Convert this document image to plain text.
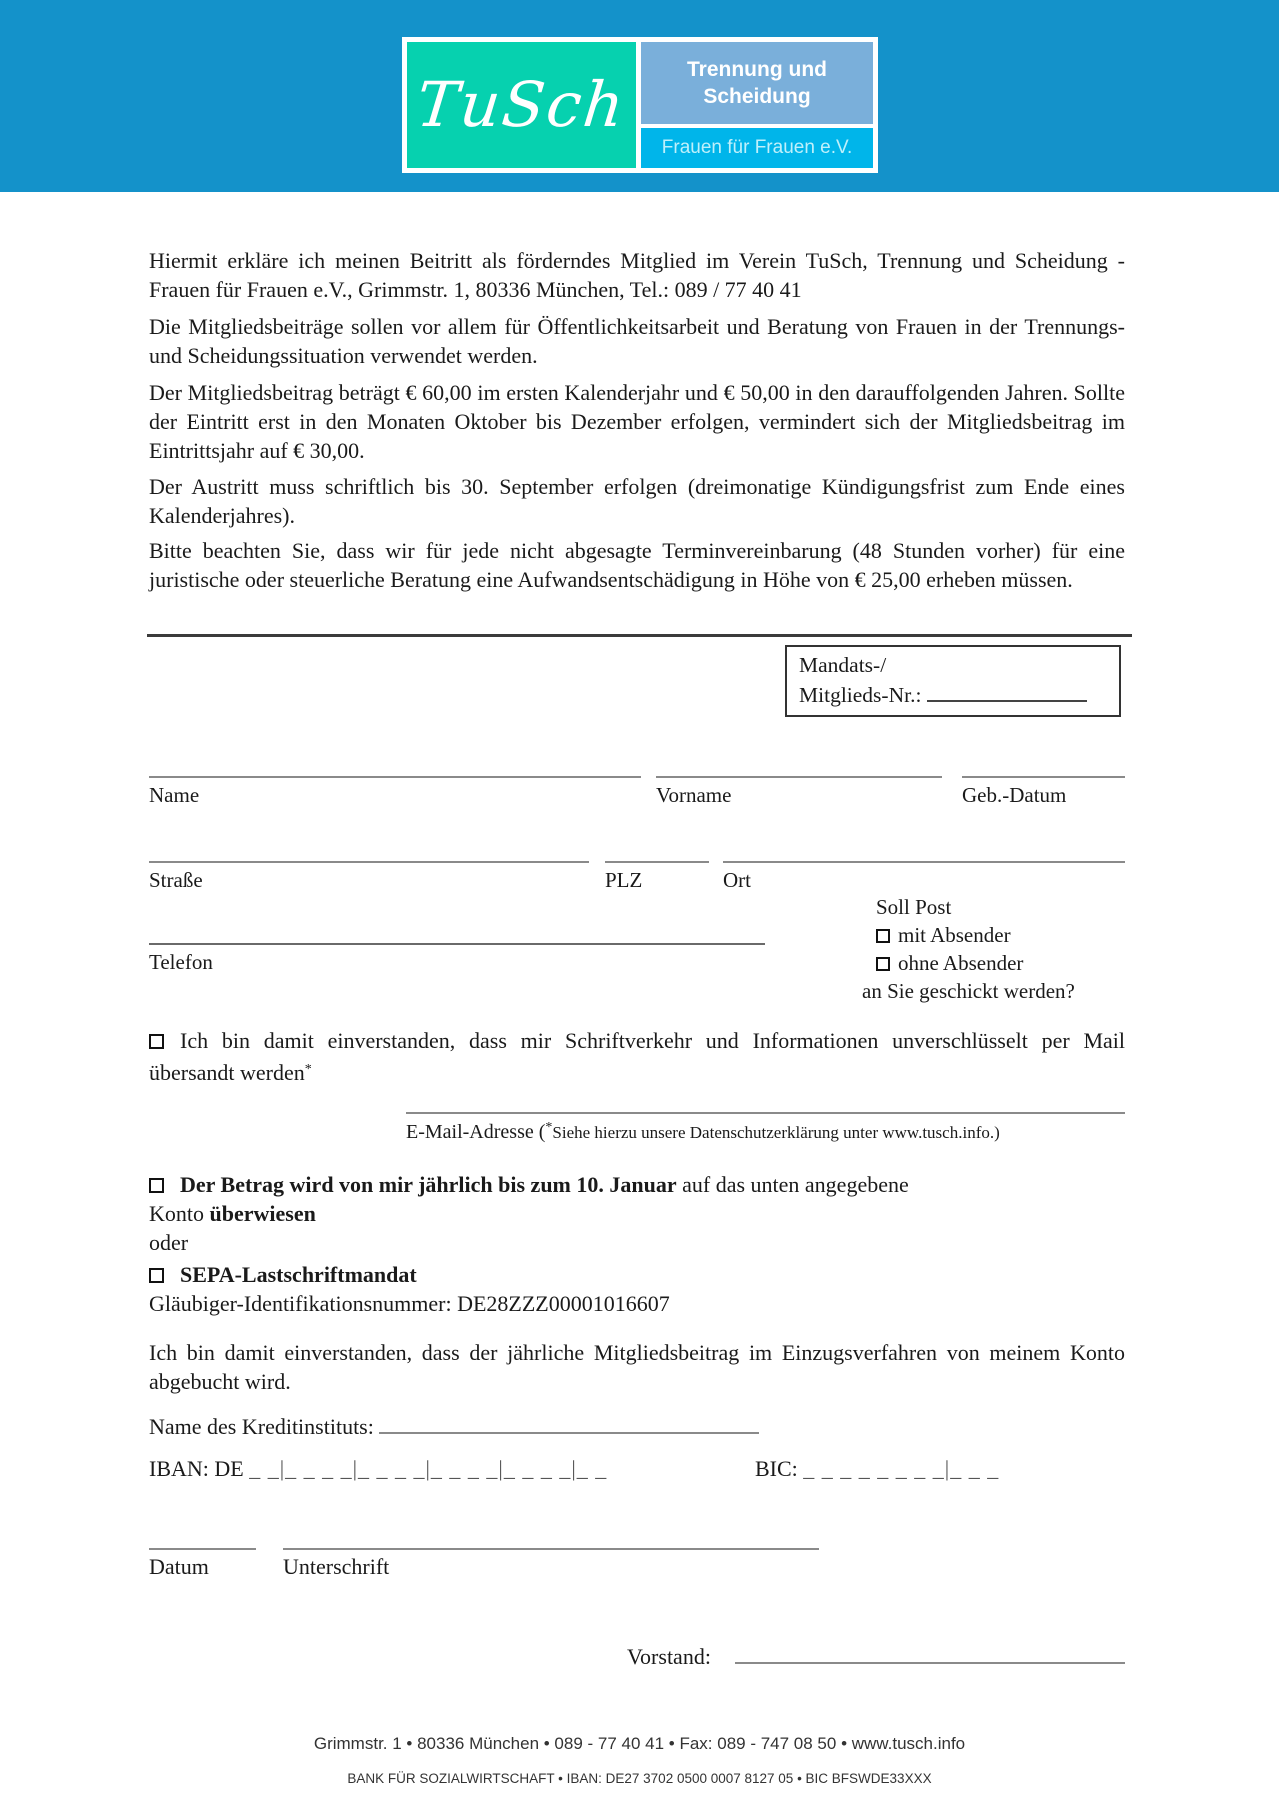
TuSch	Trennung und
Scheidung
Frauen für Frauen e.V.
Hiermit erkläre ich meinen Beitritt als förderndes Mitglied im Verein TuSch, Trennung und Scheidung - Frauen für Frauen e.V., Grimmstr. 1, 80336 München, Tel.: 089 / 77 40 41
Die Mitgliedsbeiträge sollen vor allem für Öffentlichkeitsarbeit und Beratung von Frauen in der Trennungs- und Scheidungssituation verwendet werden.
Der Mitgliedsbeitrag beträgt € 60,00 im ersten Kalenderjahr und € 50,00 in den darauffolgenden Jahren. Sollte der Eintritt erst in den Monaten Oktober bis Dezember erfolgen, vermindert sich der Mitgliedsbeitrag im Eintrittsjahr auf € 30,00.
Der Austritt muss schriftlich bis 30. September erfolgen (dreimonatige Kündigungsfrist zum Ende eines Kalenderjahres).
Bitte beachten Sie, dass wir für jede nicht abgesagte Terminvereinbarung (48 Stunden vorher) für eine juristische oder steuerliche Beratung eine Aufwandsentschädigung in Höhe von € 25,00 erheben müssen.
Mandats-/
Mitglieds-Nr.:
Name	Vorname	Geb.-Datum
Straße	PLZ	Ort
Soll Post
mit Absender
ohne Absender
an Sie geschickt werden?
Telefon
Ich bin damit einverstanden, dass mir Schriftverkehr und Informationen unverschlüsselt per Mail übersandt werden*
E-Mail-Adresse (*Siehe hierzu unsere Datenschutzerklärung unter www.tusch.info.)
Der Betrag wird von mir jährlich bis zum 10. Januar auf das unten angegebene
Konto überwiesen
oder
SEPA-Lastschriftmandat
Gläubiger-Identifikationsnummer: DE28ZZZ00001016607
Ich bin damit einverstanden, dass der jährliche Mitgliedsbeitrag im Einzugsverfahren von meinem Konto abgebucht wird.
Name des Kreditinstituts:
IBAN: DE _ _|_ _ _ _|_ _ _ _|_ _ _ _|_ _ _ _|_ _	BIC: _ _ _ _ _ _ _ _|_ _ _
Datum	Unterschrift
Vorstand:
Grimmstr. 1 • 80336 München • 089 - 77 40 41 • Fax: 089 - 747 08 50 • www.tusch.info
BANK FÜR SOZIALWIRTSCHAFT • IBAN: DE27 3702 0500 0007 8127 05 • BIC BFSWDE33XXX
